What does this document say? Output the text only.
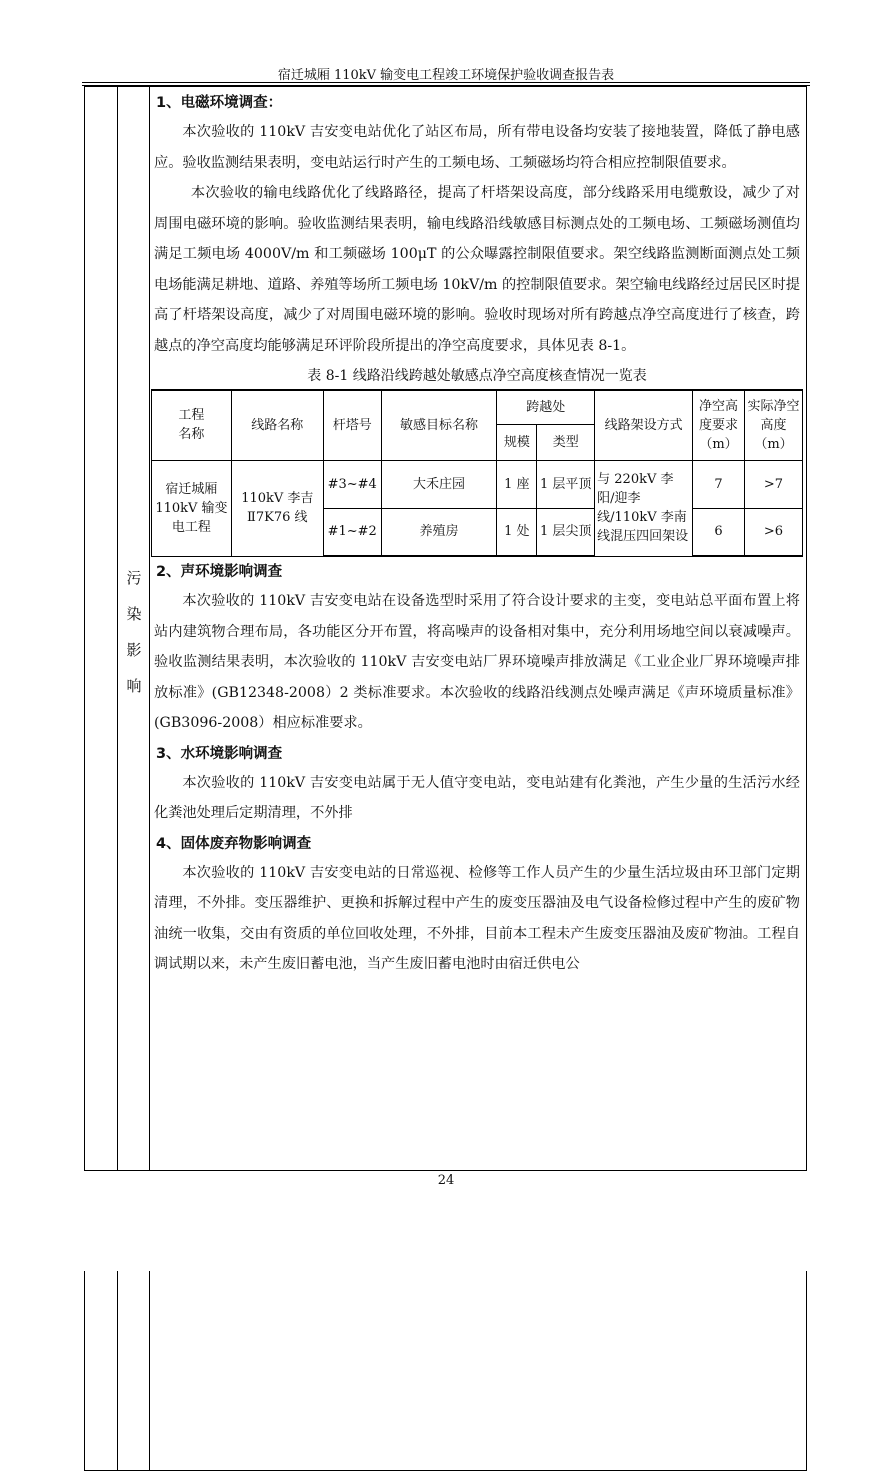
宿迁城厢 110kV 输变电工程竣工环境保护验收调查报告表
污
染
影
响
1、电磁环境调查：

本次验收的 110kV 吉安变电站优化了站区布局，所有带电设备均安装了接地装置，降低了静电感应。验收监测结果表明，变电站运行时产生的工频电场、工频磁场均符合相应控制限值要求。

本次验收的输电线路优化了线路路径，提高了杆塔架设高度，部分线路采用电缆敷设，减少了对周围电磁环境的影响。验收监测结果表明，输电线路沿线敏感目标测点处的工频电场、工频磁场测值均满足工频电场 4000V/m 和工频磁场 100μT 的公众曝露控制限值要求。架空线路监测断面测点处工频电场能满足耕地、道路、养殖等场所工频电场 10kV/m 的控制限值要求。架空输电线路经过居民区时提高了杆塔架设高度，减少了对周围电磁环境的影响。验收时现场对所有跨越点净空高度进行了核查，跨越点的净空高度均能够满足环评阶段所提出的净空高度要求，具体见表 8-1。

表 8-1 线路沿线跨越处敏感点净空高度核查情况一览表
工程
名称	线路名称	杆塔号	敏感目标名称	跨越处		线路架设方式	净空高度要求（m）	实际净空高度（m）
				规模	类型			
宿迁城厢 110kV 输变电工程	110kV 李吉 Ⅱ7K76 线	#3~#4	大禾庄园	1 座	1 层平顶	与 220kV 李阳/迎李线/110kV 李南线混压四回架设	7	>7
		#1~#2	养殖房	1 处	1 层尖顶		6	>6
2、声环境影响调查

本次验收的 110kV 吉安变电站在设备选型时采用了符合设计要求的主变，变电站总平面布置上将站内建筑物合理布局，各功能区分开布置，将高噪声的设备相对集中，充分利用场地空间以衰减噪声。验收监测结果表明，本次验收的 110kV 吉安变电站厂界环境噪声排放满足《工业企业厂界环境噪声排放标准》(GB12348-2008）2 类标准要求。本次验收的线路沿线测点处噪声满足《声环境质量标准》(GB3096-2008）相应标准要求。

3、水环境影响调查

本次验收的 110kV 吉安变电站属于无人值守变电站，变电站建有化粪池，产生少量的生活污水经化粪池处理后定期清理，不外排

4、固体废弃物影响调查

本次验收的 110kV 吉安变电站的日常巡视、检修等工作人员产生的少量生活垃圾由环卫部门定期清理，不外排。变压器维护、更换和拆解过程中产生的废变压器油及电气设备检修过程中产生的废矿物油统一收集，交由有资质的单位回收处理，不外排，目前本工程未产生废变压器油及废矿物油。工程自调试期以来，未产生废旧蓄电池，当产生废旧蓄电池时由宿迁供电公

24
